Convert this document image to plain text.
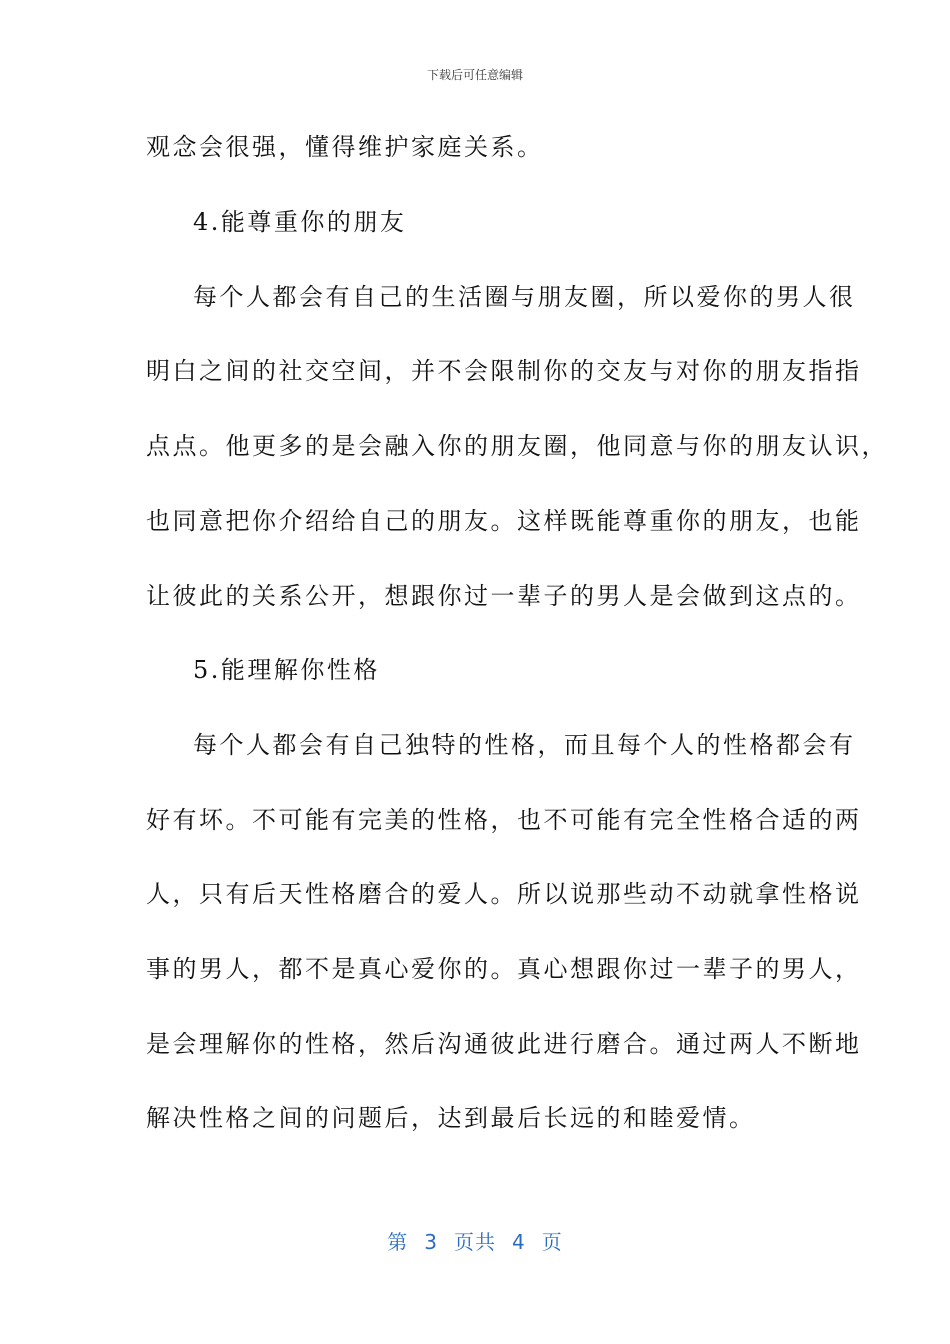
下载后可任意编辑
观念会很强，懂得维护家庭关系。
4.能尊重你的朋友
每个人都会有自己的生活圈与朋友圈，所以爱你的男人很
明白之间的社交空间，并不会限制你的交友与对你的朋友指指
点点。他更多的是会融入你的朋友圈，他同意与你的朋友认识，
也同意把你介绍给自己的朋友。这样既能尊重你的朋友，也能
让彼此的关系公开，想跟你过一辈子的男人是会做到这点的。
5.能理解你性格
每个人都会有自己独特的性格，而且每个人的性格都会有
好有坏。不可能有完美的性格，也不可能有完全性格合适的两
人，只有后天性格磨合的爱人。所以说那些动不动就拿性格说
事的男人，都不是真心爱你的。真心想跟你过一辈子的男人，
是会理解你的性格，然后沟通彼此进行磨合。通过两人不断地
解决性格之间的问题后，达到最后长远的和睦爱情。
第 3 页共 4 页
